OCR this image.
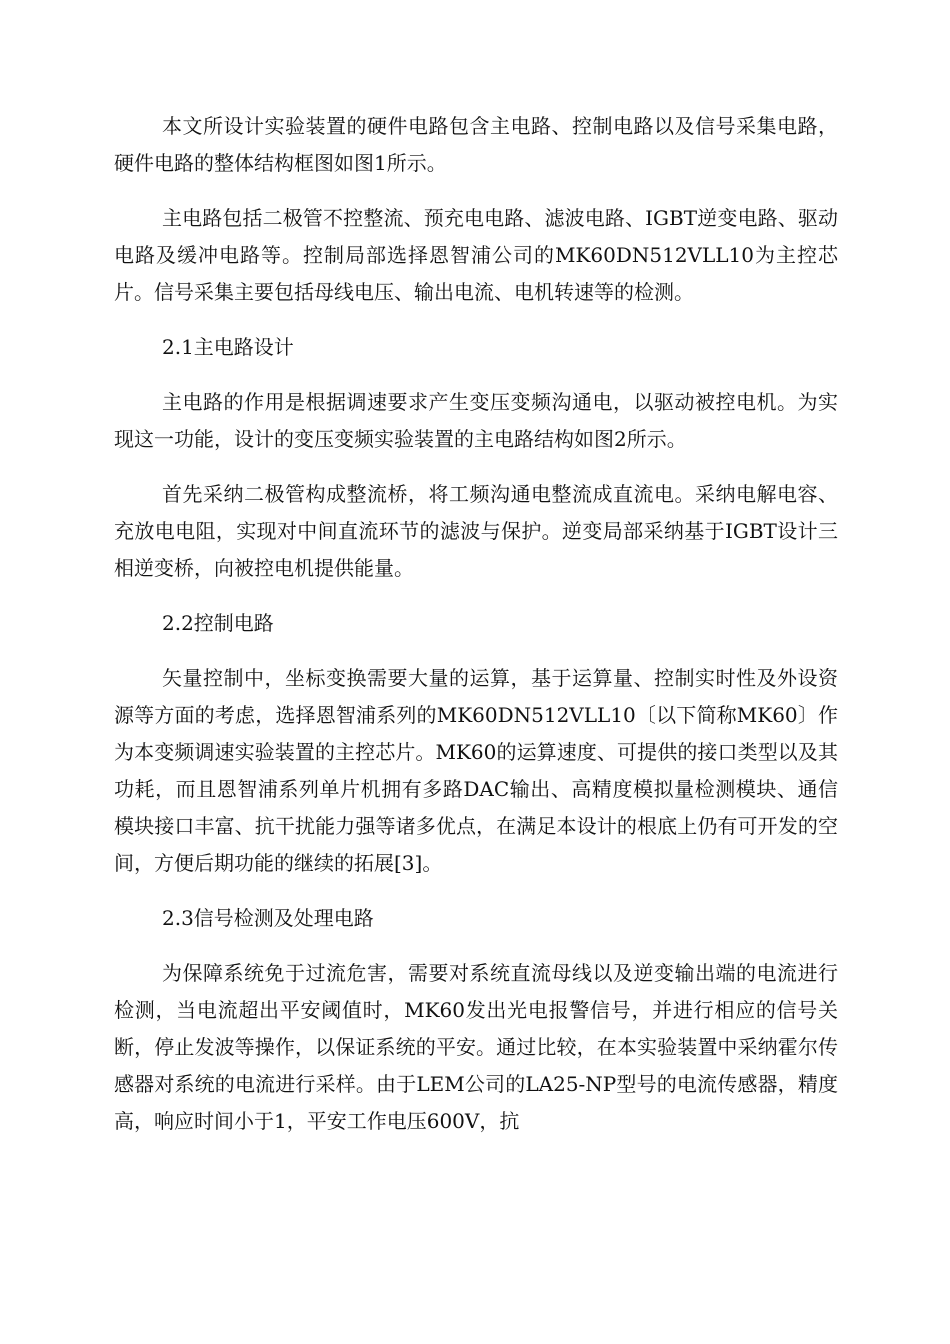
本文所设计实验装置的硬件电路包含主电路、控制电路以及信号采集电路，硬件电路的整体结构框图如图1所示。

主电路包括二极管不控整流、预充电电路、滤波电路、IGBT逆变电路、驱动电路及缓冲电路等。控制局部选择恩智浦公司的MK60DN512VLL10为主控芯片。信号采集主要包括母线电压、输出电流、电机转速等的检测。

2.1主电路设计

主电路的作用是根据调速要求产生变压变频沟通电，以驱动被控电机。为实现这一功能，设计的变压变频实验装置的主电路结构如图2所示。

首先采纳二极管构成整流桥，将工频沟通电整流成直流电。采纳电解电容、充放电电阻，实现对中间直流环节的滤波与保护。逆变局部采纳基于IGBT设计三相逆变桥，向被控电机提供能量。

2.2控制电路

矢量控制中，坐标变换需要大量的运算，基于运算量、控制实时性及外设资源等方面的考虑，选择恩智浦系列的MK60DN512VLL10〔以下简称MK60〕作为本变频调速实验装置的主控芯片。MK60的运算速度、可提供的接口类型以及其功耗，而且恩智浦系列单片机拥有多路DAC输出、高精度模拟量检测模块、通信模块接口丰富、抗干扰能力强等诸多优点，在满足本设计的根底上仍有可开发的空间，方便后期功能的继续的拓展[3]。

2.3信号检测及处理电路

为保障系统免于过流危害，需要对系统直流母线以及逆变输出端的电流进行检测，当电流超出平安阈值时，MK60发出光电报警信号，并进行相应的信号关断，停止发波等操作，以保证系统的平安。通过比较，在本实验装置中采纳霍尔传感器对系统的电流进行采样。由于LEM公司的LA25-NP型号的电流传感器，精度高，响应时间小于1，平安工作电压600V，抗
